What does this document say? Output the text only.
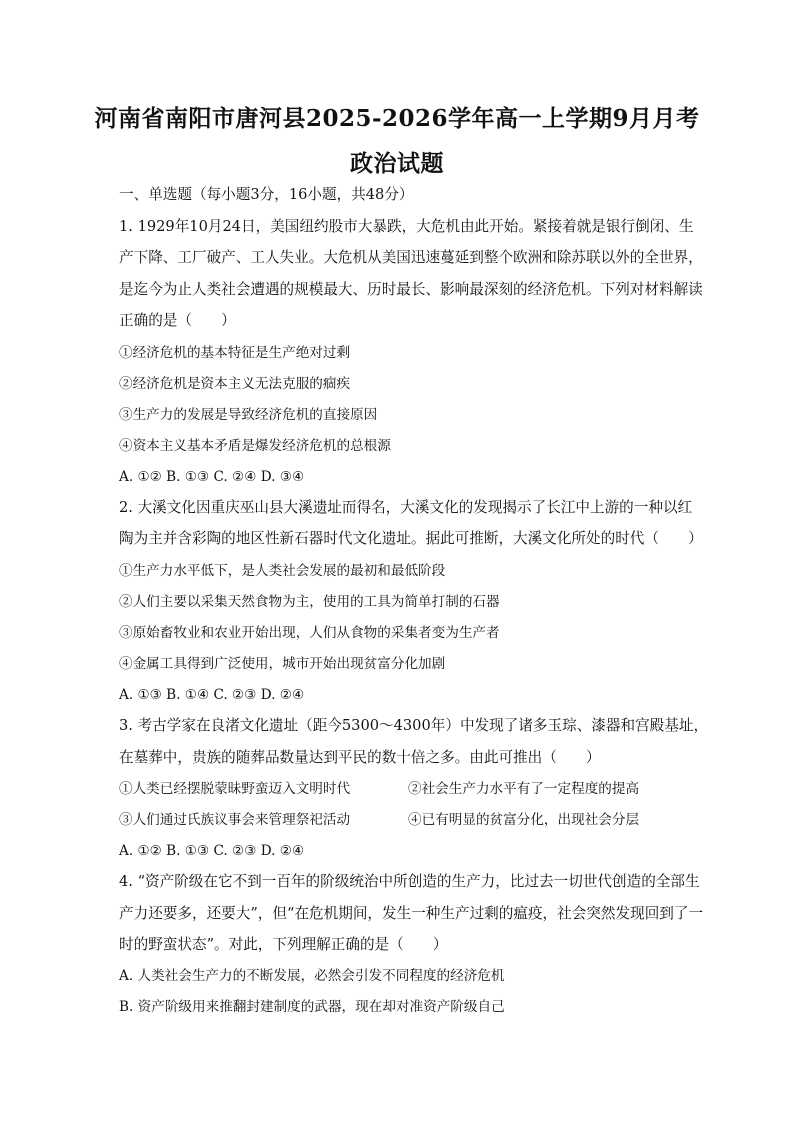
河南省南阳市唐河县2025-2026学年高一上学期9月月考
政治试题
一、单选题（每小题3分，16小题，共48分）
1. 1929年10月24日，美国纽约股市大暴跌，大危机由此开始。紧接着就是银行倒闭、生
产下降、工厂破产、工人失业。大危机从美国迅速蔓延到整个欧洲和除苏联以外的全世界，
是迄今为止人类社会遭遇的规模最大、历时最长、影响最深刻的经济危机。下列对材料解读
正确的是（　　）
①经济危机的基本特征是生产绝对过剩
②经济危机是资本主义无法克服的痼疾
③生产力的发展是导致经济危机的直接原因
④资本主义基本矛盾是爆发经济危机的总根源
A. ①② B. ①③ C. ②④ D. ③④
2. 大溪文化因重庆巫山县大溪遗址而得名，大溪文化的发现揭示了长江中上游的一种以红
陶为主并含彩陶的地区性新石器时代文化遗址。据此可推断，大溪文化所处的时代（　　）
①生产力水平低下，是人类社会发展的最初和最低阶段
②人们主要以采集天然食物为主，使用的工具为简单打制的石器
③原始畜牧业和农业开始出现，人们从食物的采集者变为生产者
④金属工具得到广泛使用，城市开始出现贫富分化加剧
A. ①③ B. ①④ C. ②③ D. ②④
3. 考古学家在良渚文化遗址（距今5300～4300年）中发现了诸多玉琮、漆器和宫殿基址，
在墓葬中，贵族的随葬品数量达到平民的数十倍之多。由此可推出（　　）
①人类已经摆脱蒙昧野蛮迈入文明时代	②社会生产力水平有了一定程度的提高
③人们通过氏族议事会来管理祭祀活动	④已有明显的贫富分化，出现社会分层
A. ①② B. ①③ C. ②③ D. ②④
4. “资产阶级在它不到一百年的阶级统治中所创造的生产力，比过去一切世代创造的全部生
产力还要多，还要大”，但“在危机期间，发生一种生产过剩的瘟疫，社会突然发现回到了一
时的野蛮状态”。对此，下列理解正确的是（　　）
A. 人类社会生产力的不断发展，必然会引发不同程度的经济危机
B. 资产阶级用来推翻封建制度的武器，现在却对准资产阶级自己
